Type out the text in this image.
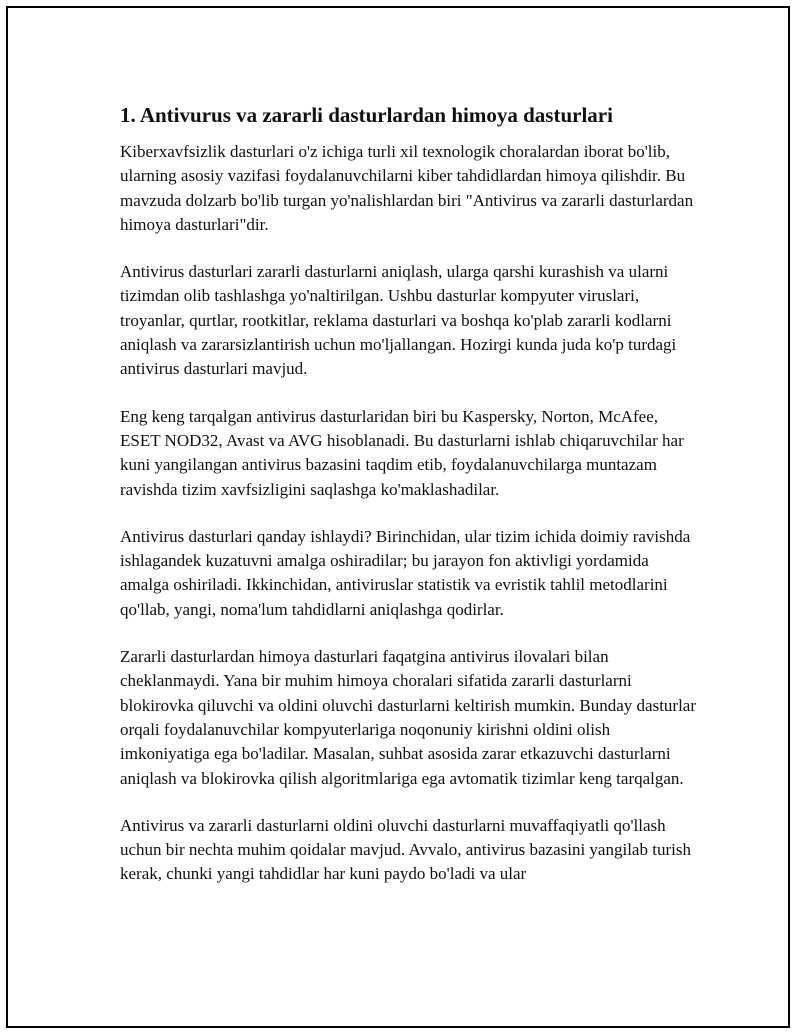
1. Antivurus va zararli dasturlardan himoya dasturlari

Kiberxavfsizlik dasturlari o'z ichiga turli xil texnologik choralardan iborat bo'lib, ularning asosiy vazifasi foydalanuvchilarni kiber tahdidlardan himoya qilishdir. Bu mavzuda dolzarb bo'lib turgan yo'nalishlardan biri "Antivirus va zararli dasturlardan himoya dasturlari"dir.

Antivirus dasturlari zararli dasturlarni aniqlash, ularga qarshi kurashish va ularni tizimdan olib tashlashga yo'naltirilgan. Ushbu dasturlar kompyuter viruslari, troyanlar, qurtlar, rootkitlar, reklama dasturlari va boshqa ko'plab zararli kodlarni aniqlash va zararsizlantirish uchun mo'ljallangan. Hozirgi kunda juda ko'p turdagi antivirus dasturlari mavjud.

Eng keng tarqalgan antivirus dasturlaridan biri bu Kaspersky, Norton, McAfee, ESET NOD32, Avast va AVG hisoblanadi. Bu dasturlarni ishlab chiqaruvchilar har kuni yangilangan antivirus bazasini taqdim etib, foydalanuvchilarga muntazam ravishda tizim xavfsizligini saqlashga ko'maklashadilar.

Antivirus dasturlari qanday ishlaydi? Birinchidan, ular tizim ichida doimiy ravishda ishlagandek kuzatuvni amalga oshiradilar; bu jarayon fon aktivligi yordamida amalga oshiriladi. Ikkinchidan, antiviruslar statistik va evristik tahlil metodlarini qo'llab, yangi, noma'lum tahdidlarni aniqlashga qodirlar.

Zararli dasturlardan himoya dasturlari faqatgina antivirus ilovalari bilan cheklanmaydi. Yana bir muhim himoya choralari sifatida zararli dasturlarni blokirovka qiluvchi va oldini oluvchi dasturlarni keltirish mumkin. Bunday dasturlar orqali foydalanuvchilar kompyuterlariga noqonuniy kirishni oldini olish imkoniyatiga ega bo'ladilar. Masalan, suhbat asosida zarar etkazuvchi dasturlarni aniqlash va blokirovka qilish algoritmlariga ega avtomatik tizimlar keng tarqalgan.

Antivirus va zararli dasturlarni oldini oluvchi dasturlarni muvaffaqiyatli qo'llash uchun bir nechta muhim qoidalar mavjud. Avvalo, antivirus bazasini yangilab turish kerak, chunki yangi tahdidlar har kuni paydo bo'ladi va ular
